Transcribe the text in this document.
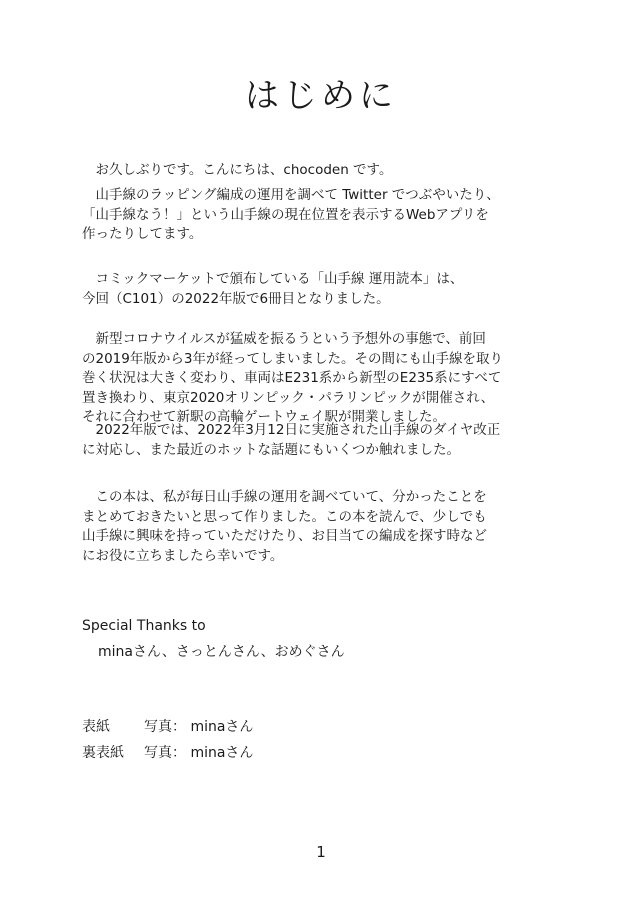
はじめに
　お久しぶりです。こんにちは、chocoden です。
　山手線のラッピング編成の運用を調べて Twitter でつぶやいたり、
「山手線なう！」という山手線の現在位置を表示するWebアプリを
作ったりしてます。
　コミックマーケットで頒布している「山手線 運用読本」は、
今回（C101）の2022年版で6冊目となりました。
　新型コロナウイルスが猛威を振るうという予想外の事態で、前回
の2019年版から3年が経ってしまいました。その間にも山手線を取り
巻く状況は大きく変わり、車両はE231系から新型のE235系にすべて
置き換わり、東京2020オリンピック・パラリンピックが開催され、
それに合わせて新駅の高輪ゲートウェイ駅が開業しました。
　2022年版では、2022年3月12日に実施された山手線のダイヤ改正
に対応し、また最近のホットな話題にもいくつか触れました。
　この本は、私が毎日山手線の運用を調べていて、分かったことを
まとめておきたいと思って作りました。この本を読んで、少しでも
山手線に興味を持っていただけたり、お目当ての編成を探す時など
にお役に立ちましたら幸いです。

Special Thanks to

minaさん、さっとんさん、おめぐさん

表紙 写真： minaさん
裏表紙 写真： minaさん
1
